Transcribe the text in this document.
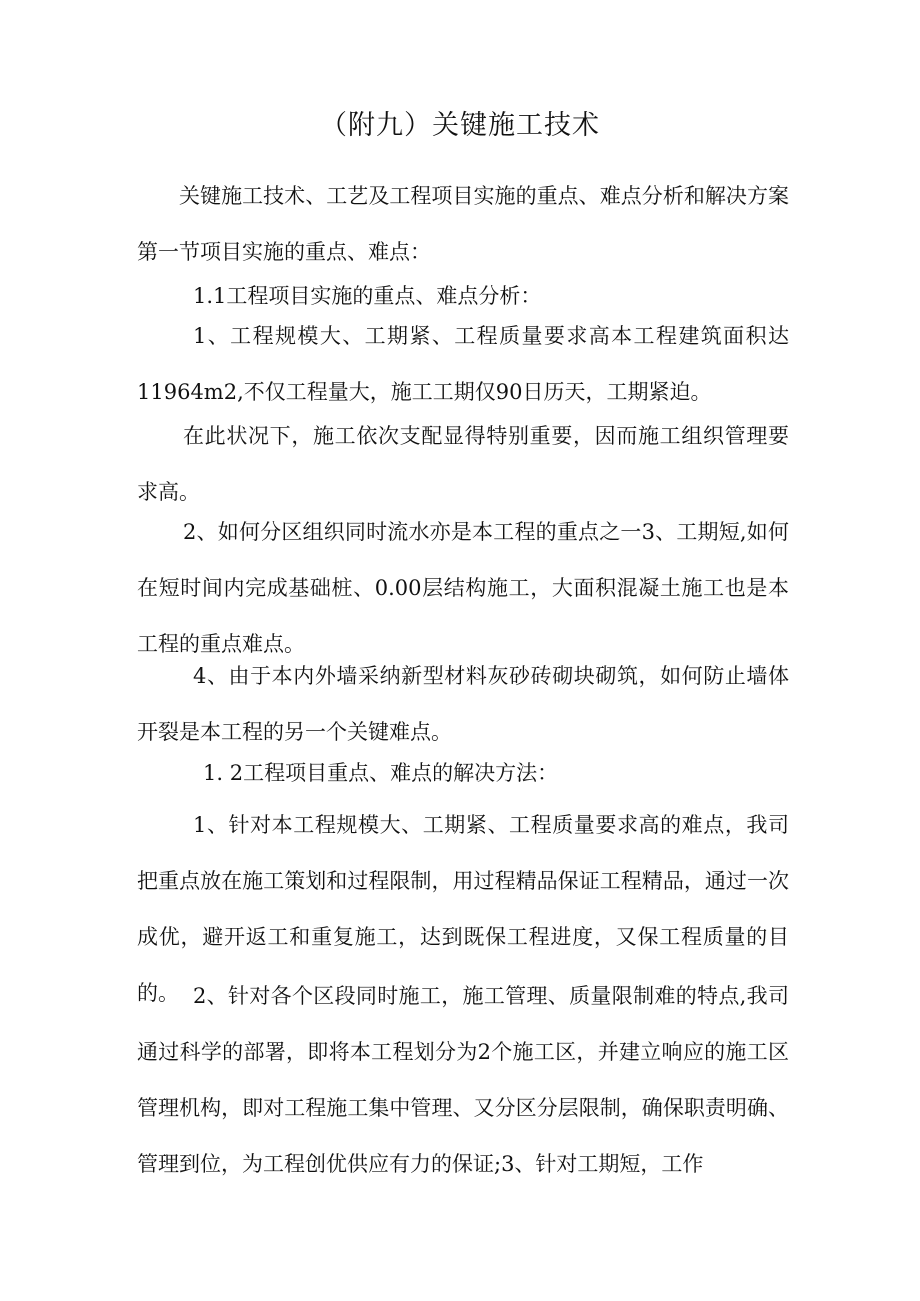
（附九）关键施工技术
关键施工技术、工艺及工程项目实施的重点、难点分析和解决方案第一节项目实施的重点、难点：
1.1工程项目实施的重点、难点分析：
1、工程规模大、工期紧、工程质量要求高本工程建筑面积达11964m2,不仅工程量大，施工工期仅90日历天，工期紧迫。
在此状况下，施工依次支配显得特别重要，因而施工组织管理要求高。
2、如何分区组织同时流水亦是本工程的重点之一3、工期短,如何在短时间内完成基础桩、0.00层结构施工，大面积混凝土施工也是本工程的重点难点。
4、由于本内外墙采纳新型材料灰砂砖砌块砌筑，如何防止墙体开裂是本工程的另一个关键难点。
1. 2工程项目重点、难点的解决方法：
1、针对本工程规模大、工期紧、工程质量要求高的难点，我司把重点放在施工策划和过程限制，用过程精品保证工程精品，通过一次成优，避开返工和重复施工，达到既保工程进度，又保工程质量的目的。 2、针对各个区段同时施工，施工管理、质量限制难的特点,我司通过科学的部署，即将本工程划分为2个施工区，并建立响应的施工区管理机构，即对工程施工集中管理、又分区分层限制，确保职责明确、管理到位，为工程创优供应有力的保证;3、针对工期短，工作
